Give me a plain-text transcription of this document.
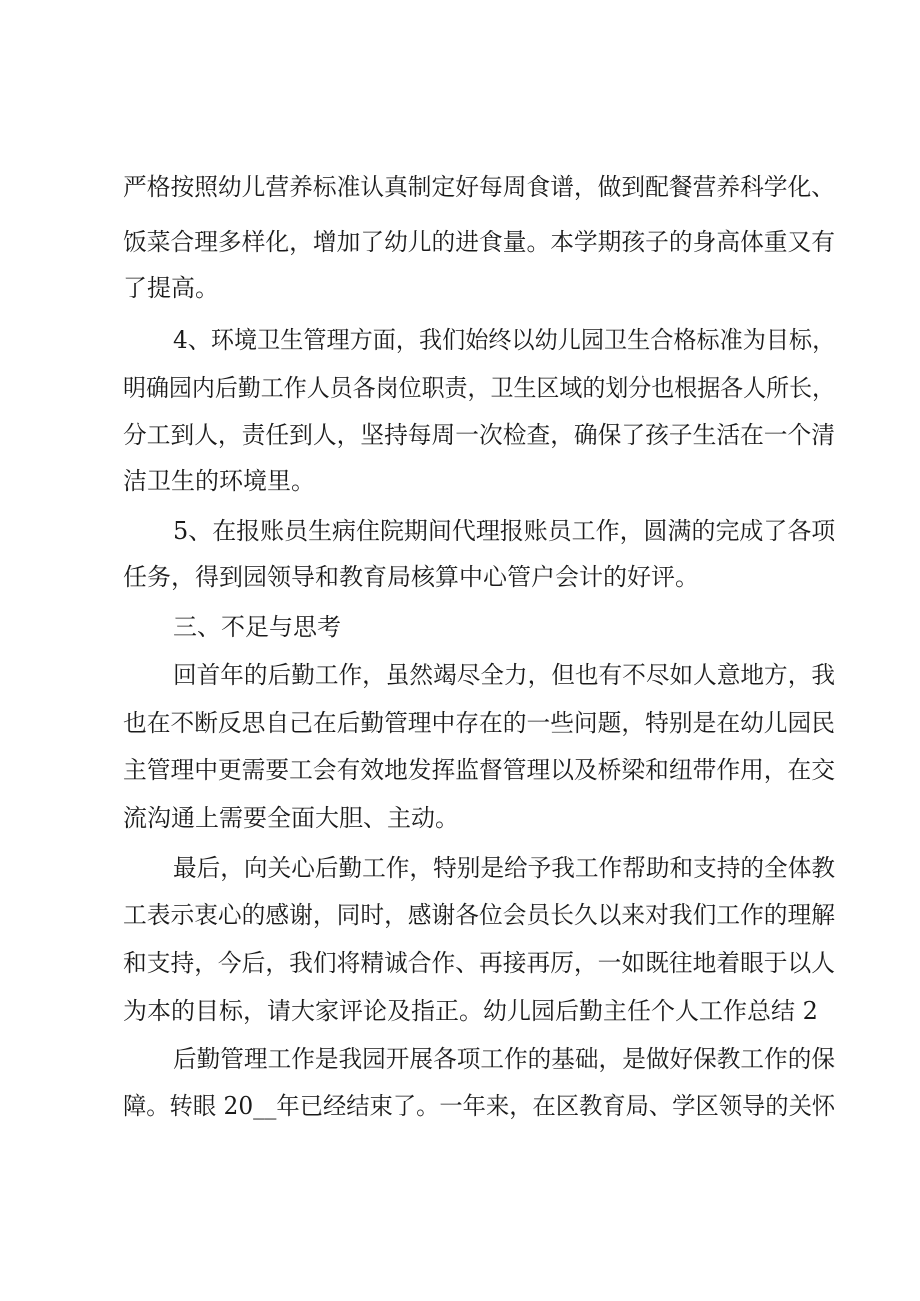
严格按照幼儿营养标准认真制定好每周食谱，做到配餐营养科学化、
饭菜合理多样化，增加了幼儿的进食量。本学期孩子的身高体重又有
了提高。
4、环境卫生管理方面，我们始终以幼儿园卫生合格标准为目标，
明确园内后勤工作人员各岗位职责，卫生区域的划分也根据各人所长，
分工到人，责任到人，坚持每周一次检查，确保了孩子生活在一个清
洁卫生的环境里。
5、在报账员生病住院期间代理报账员工作，圆满的完成了各项
任务，得到园领导和教育局核算中心管户会计的好评。
三、不足与思考
回首年的后勤工作，虽然竭尽全力，但也有不尽如人意地方，我
也在不断反思自己在后勤管理中存在的一些问题，特别是在幼儿园民
主管理中更需要工会有效地发挥监督管理以及桥梁和纽带作用，在交
流沟通上需要全面大胆、主动。
最后，向关心后勤工作，特别是给予我工作帮助和支持的全体教
工表示衷心的感谢，同时，感谢各位会员长久以来对我们工作的理解
和支持，今后，我们将精诚合作、再接再厉，一如既往地着眼于以人
为本的目标，请大家评论及指正。幼儿园后勤主任个人工作总结 2
后勤管理工作是我园开展各项工作的基础，是做好保教工作的保
障。转眼 20__年已经结束了。一年来，在区教育局、学区领导的关怀
